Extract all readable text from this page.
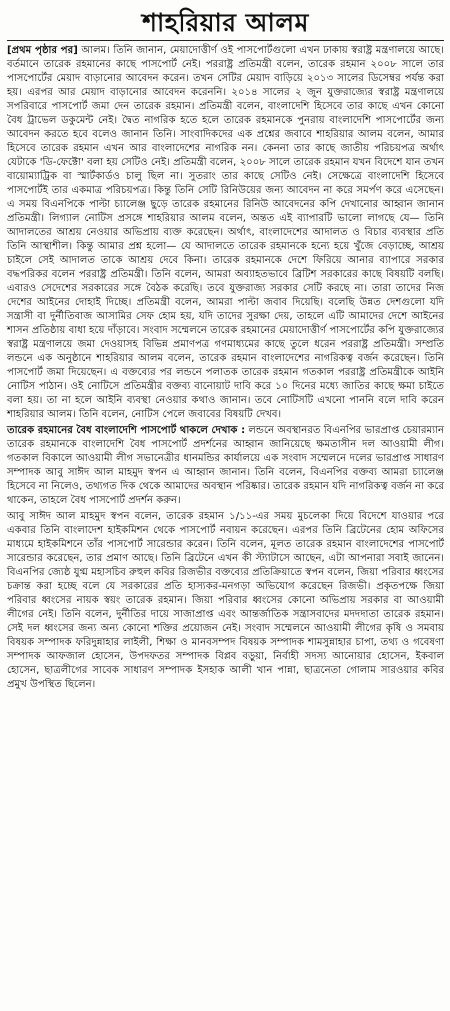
শাহরিয়ার আলম

[প্রথম পৃষ্ঠার পর] আলম। তিনি জানান, মেয়াদোত্তীর্ণ ওই পাসপোর্টগুলো এখন ঢাকায় স্বরাষ্ট্র মন্ত্রণালয়ে আছে। বর্তমানে তারেক রহমানের কাছে পাসপোর্ট নেই। পররাষ্ট্র প্রতিমন্ত্রী বলেন, তারেক রহমান ২০০৮ সালে তার পাসপোর্টের মেয়াদ বাড়ানোর আবেদন করেন। তখন সেটির মেয়াদ বাড়িয়ে ২০১৩ সালের ডিসেম্বর পর্যন্ত করা হয়। এরপর আর মেয়াদ বাড়ানোর আবেদন করেননি। ২০১৪ সালের ২ জুন যুক্তরাজ্যের স্বরাষ্ট্র মন্ত্রণালয়ে সপরিবারে পাসপোর্ট জমা দেন তারেক রহমান। প্রতিমন্ত্রী বলেন, বাংলাদেশি হিসেবে তার কাছে এখন কোনো বৈধ ট্রাভেল ডকুমেন্ট নেই। দ্বৈত নাগরিক হতে হলে তারেক রহমানকে পুনরায় বাংলাদেশি পাসপোর্টের জন্য আবেদন করতে হবে বলেও জানান তিনি। সাংবাদিকদের এক প্রশ্নের জবাবে শাহরিয়ার আলম বলেন, আমার হিসেবে তারেক রহমান এখন আর বাংলাদেশের নাগরিক নন। কেননা তার কাছে জাতীয় পরিচয়পত্র অর্থাৎ যেটাকে 'ডি-ফেক্টো' বলা হয় সেটিও নেই। প্রতিমন্ত্রী বলেন, ২০০৮ সালে তারেক রহমান যখন বিদেশে যান তখন বায়োম্যাট্রিক বা স্মার্টকার্ডও চালু ছিল না। সুতরাং তার কাছে সেটিও নেই। সেক্ষেত্রে বাংলাদেশি হিসেবে পাসপোর্টই তার একমাত্র পরিচয়পত্র। কিন্তু তিনি সেটি রিনিউয়ের জন্য আবেদন না করে সমর্পণ করে এসেছেন। এ সময় বিএনপিকে পাল্টা চ্যালেঞ্জ ছুড়ে তারেক রহমানের রিনিউ আবেদনের কপি দেখানোর আহ্বান জানান প্রতিমন্ত্রী। লিগ্যাল নোটিস প্রসঙ্গে শাহরিয়ার আলম বলেন, অন্তত এই ব্যাপারটি ভালো লাগছে যে— তিনি আদালতের আশ্রয় নেওয়ার অভিপ্রায় ব্যক্ত করেছেন। অর্থাৎ, বাংলাদেশের আদালত ও বিচার ব্যবস্থার প্রতি তিনি আস্থাশীল। কিন্তু আমার প্রশ্ন হলো— যে আদালতে তারেক রহমানকে হন্যে হয়ে খুঁজে বেড়াচ্ছে, আশ্রয় চাইলে সেই আদালত তাকে আশ্রয় দেবে কিনা। তারেক রহমানকে দেশে ফিরিয়ে আনার ব্যাপারে সরকার বদ্ধপরিকর বলেন পররাষ্ট্র প্রতিমন্ত্রী। তিনি বলেন, আমরা অব্যাহতভাবে ব্রিটিশ সরকারের কাছে বিষয়টি বলছি। এবারও সেদেশের সরকারের সঙ্গে বৈঠক করেছি। তবে যুক্তরাজ্য সরকার সেটি করছে না। তারা তাদের নিজ দেশের আইনের দোহাই দিচ্ছে। প্রতিমন্ত্রী বলেন, আমরা পাল্টা জবাব দিয়েছি। বলেছি উন্নত দেশগুলো যদি সন্ত্রাসী বা দুর্নীতিবাজ আসামির সেফ হোম হয়, যদি তাদের সুরক্ষা দেয়, তাহলে এটি আমাদের দেশে আইনের শাসন প্রতিষ্ঠায় বাধা হয়ে দাঁড়াবে। সংবাদ সম্মেলনে তারেক রহমানের মেয়াদোত্তীর্ণ পাসপোর্টের কপি যুক্তরাজ্যের স্বরাষ্ট্র মন্ত্রণালয়ে জমা দেওয়াসহ বিভিন্ন প্রমাণপত্র গণমাধ্যমের কাছে তুলে ধরেন পররাষ্ট্র প্রতিমন্ত্রী। সম্প্রতি লন্ডনে এক অনুষ্ঠানে শাহরিয়ার আলম বলেন, তারেক রহমান বাংলাদেশের নাগরিকত্ব বর্জন করেছেন। তিনি পাসপোর্ট জমা দিয়েছেন। এ বক্তব্যের পর লন্ডনে পলাতক তারেক রহমান গতকাল পররাষ্ট্র প্রতিমন্ত্রীকে আইনি নোটিস পাঠান। ওই নোটিসে প্রতিমন্ত্রীর বক্তব্য বানোয়াট দাবি করে ১০ দিনের মধ্যে জাতির কাছে ক্ষমা চাইতে বলা হয়। তা না হলে আইনি ব্যবস্থা নেওয়ার কথাও জানান। তবে নোটিসটি এখনো পাননি বলে দাবি করেন শাহরিয়ার আলম। তিনি বলেন, নোটিস পেলে জবাবের বিষয়টি দেখব।

তারেক রহমানের বৈধ বাংলাদেশি পাসপোর্ট থাকলে দেখাক : লন্ডনে অবস্থানরত বিএনপির ভারপ্রাপ্ত চেয়ারম্যান তারেক রহমানকে বাংলাদেশি বৈধ পাসপোর্ট প্রদর্শনের আহ্বান জানিয়েছে ক্ষমতাসীন দল আওয়ামী লীগ। গতকাল বিকালে আওয়ামী লীগ সভানেত্রীর ধানমন্ডির কার্যালয়ে এক সংবাদ সম্মেলনে দলের ভারপ্রাপ্ত সাধারণ সম্পাদক আবু সাঈদ আল মাহমুদ স্বপন এ আহ্বান জানান। তিনি বলেন, বিএনপির বক্তব্য আমরা চ্যালেঞ্জ হিসেবে না নিলেও, তথ্যগত দিক থেকে আমাদের অবস্থান পরিষ্কার। তারেক রহমান যদি নাগরিকত্ব বর্জন না করে থাকেন, তাহলে বৈধ পাসপোর্ট প্রদর্শন করুন।

আবু সাঈদ আল মাহমুদ স্বপন বলেন, তারেক রহমান ১/১১-এর সময় মুচলেকা দিয়ে বিদেশে যাওয়ার পরে একবার তিনি বাংলাদেশ হাইকমিশন থেকে পাসপোর্ট নবায়ন করেছেন। এরপর তিনি ব্রিটেনের হোম অফিসের মাধ্যমে হাইকমিশনে তাঁর পাসপোর্ট সারেন্ডার করেন। তিনি বলেন, মূলত তারেক রহমান বাংলাদেশের পাসপোর্ট সারেন্ডার করেছেন, তার প্রমাণ আছে। তিনি ব্রিটেনে এখন কী স্ট্যাটাসে আছেন, এটা আপনারা সবাই জানেন। বিএনপির জ্যেষ্ঠ যুগ্ম মহাসচিব রুহুল কবির রিজভীর বক্তব্যের প্রতিক্রিয়াতে স্বপন বলেন, জিয়া পরিবার ধ্বংসের চক্রান্ত করা হচ্ছে বলে যে সরকারের প্রতি হাস্যকর-মনগড়া অভিযোগ করেছেন রিজভী। প্রকৃতপক্ষে জিয়া পরিবার ধ্বংসের নায়ক স্বয়ং তারেক রহমান। জিয়া পরিবার ধ্বংসের কোনো অভিপ্রায় সরকার বা আওয়ামী লীগের নেই। তিনি বলেন, দুর্নীতির দায়ে সাজাপ্রাপ্ত এবং আন্তর্জাতিক সন্ত্রাসবাদের মদদদাতা তারেক রহমান। সেই দল ধ্বংসের জন্য অন্য কোনো শক্তির প্রয়োজন নেই। সংবাদ সম্মেলনে আওয়ামী লীগের কৃষি ও সমবায় বিষয়ক সম্পাদক ফরিদুন্নাহার লাইলী, শিক্ষা ও মানবসম্পদ বিষয়ক সম্পাদক শামসুন্নাহার চাপা, তথ্য ও গবেষণা সম্পাদক আফজাল হোসেন, উপদফতর সম্পাদক বিপ্লব বড়ুয়া, নির্বাহী সদস্য আনোয়ার হোসেন, ইকবাল হোসেন, ছাত্রলীগের সাবেক সাধারণ সম্পাদক ইসহাক আলী খান পান্না, ছাত্রনেতা গোলাম সারওয়ার কবির প্রমুখ উপস্থিত ছিলেন।
